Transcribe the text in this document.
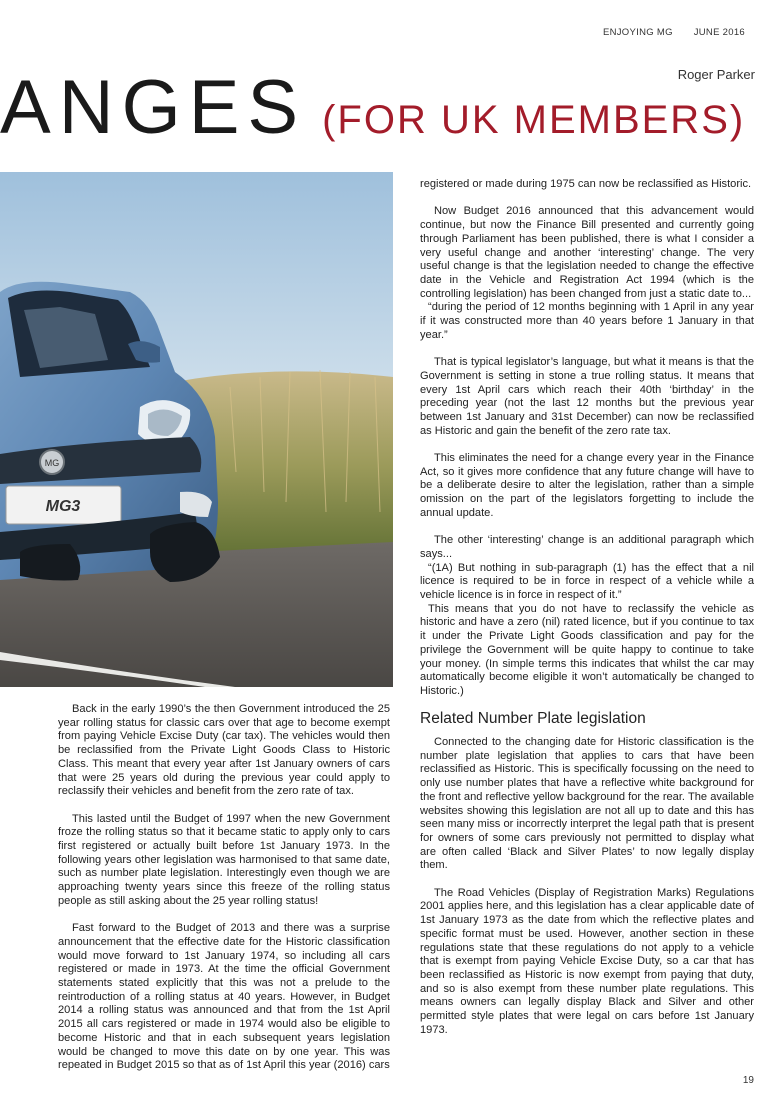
ENJOYING MG JUNE 2016
Roger Parker
ANGES (FOR UK MEMBERS)
MG
MG3

Back in the early 1990’s the then Government introduced the 25 year rolling status for classic cars over that age to become exempt from paying Vehicle Excise Duty (car tax). The vehicles would then be reclassified from the Private Light Goods Class to Historic Class. This meant that every year after 1st January owners of cars that were 25 years old during the previous year could apply to reclassify their vehicles and benefit from the zero rate of tax.

This lasted until the Budget of 1997 when the new Government froze the rolling status so that it became static to apply only to cars first registered or actually built before 1st January 1973. In the following years other legislation was harmonised to that same date, such as number plate legislation. Interestingly even though we are approaching twenty years since this freeze of the rolling status people as still asking about the 25 year rolling status!

Fast forward to the Budget of 2013 and there was a surprise announcement that the effective date for the Historic classification would move forward to 1st January 1974, so including all cars registered or made in 1973. At the time the official Government statements stated explicitly that this was not a prelude to the reintroduction of a rolling status at 40 years. However, in Budget 2014 a rolling status was announced and that from the 1st April 2015 all cars registered or made in 1974 would also be eligible to become Historic and that in each subsequent years legislation would be changed to move this date on by one year. This was repeated in Budget 2015 so that as of 1st April this year (2016) cars

registered or made during 1975 can now be reclassified as Historic.

Now Budget 2016 announced that this advancement would continue, but now the Finance Bill presented and currently going through Parliament has been published, there is what I consider a very useful change and another ‘interesting’ change. The very useful change is that the legislation needed to change the effective date in the Vehicle and Registration Act 1994 (which is the controlling legislation) has been changed from just a static date to...

“during the period of 12 months beginning with 1 April in any year if it was constructed more than 40 years before 1 January in that year.”

That is typical legislator’s language, but what it means is that the Government is setting in stone a true rolling status. It means that every 1st April cars which reach their 40th ‘birthday’ in the preceding year (not the last 12 months but the previous year between 1st January and 31st December) can now be reclassified as Historic and gain the benefit of the zero rate tax.

This eliminates the need for a change every year in the Finance Act, so it gives more confidence that any future change will have to be a deliberate desire to alter the legislation, rather than a simple omission on the part of the legislators forgetting to include the annual update.

The other ‘interesting’ change is an additional paragraph which says...

“(1A) But nothing in sub-paragraph (1) has the effect that a nil licence is required to be in force in respect of a vehicle while a vehicle licence is in force in respect of it.”

This means that you do not have to reclassify the vehicle as historic and have a zero (nil) rated licence, but if you continue to tax it under the Private Light Goods classification and pay for the privilege the Government will be quite happy to continue to take your money. (In simple terms this indicates that whilst the car may automatically become eligible it won’t automatically be changed to Historic.)

Related Number Plate legislation

Connected to the changing date for Historic classification is the number plate legislation that applies to cars that have been reclassified as Historic. This is specifically focussing on the need to only use number plates that have a reflective white background for the front and reflective yellow background for the rear. The available websites showing this legislation are not all up to date and this has seen many miss or incorrectly interpret the legal path that is present for owners of some cars previously not permitted to display what are often called ‘Black and Silver Plates’ to now legally display them.

The Road Vehicles (Display of Registration Marks) Regulations 2001 applies here, and this legislation has a clear applicable date of 1st January 1973 as the date from which the reflective plates and specific format must be used. However, another section in these regulations state that these regulations do not apply to a vehicle that is exempt from paying Vehicle Excise Duty, so a car that has been reclassified as Historic is now exempt from paying that duty, and so is also exempt from these number plate regulations. This means owners can legally display Black and Silver and other permitted style plates that were legal on cars before 1st January 1973.

19
